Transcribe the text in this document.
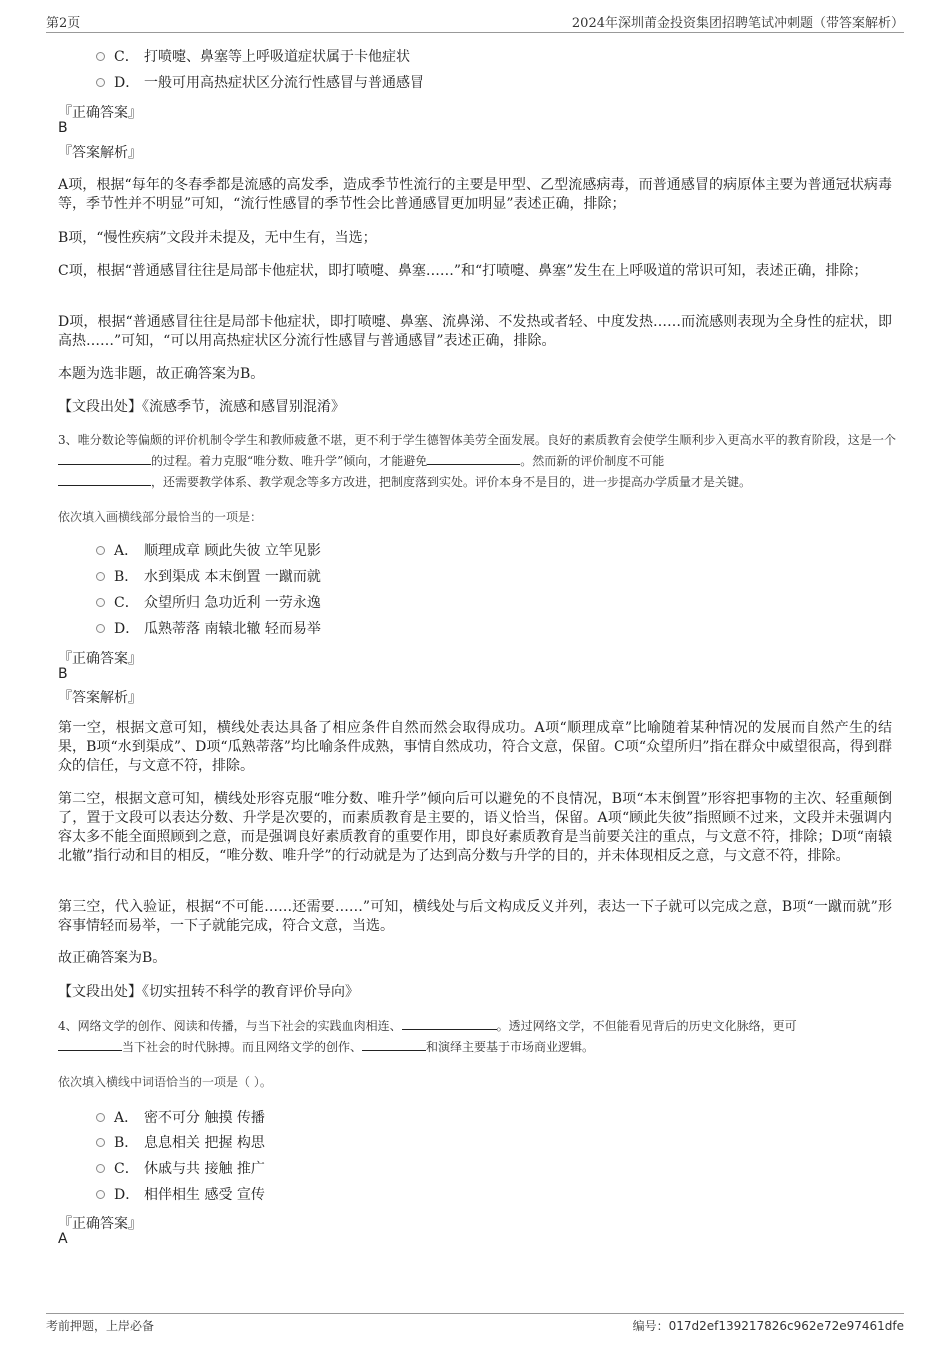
第2页	2024年深圳莆金投资集团招聘笔试冲刺题（带答案解析）
C． 打喷嚏、鼻塞等上呼吸道症状属于卡他症状
D． 一般可用高热症状区分流行性感冒与普通感冒
『正确答案』
B
『答案解析』
A项，根据“每年的冬春季都是流感的高发季，造成季节性流行的主要是甲型、乙型流感病毒，而普通感冒的病原体主要为普通冠状病毒等，季节性并不明显”可知，“流行性感冒的季节性会比普通感冒更加明显”表述正确，排除；
B项，“慢性疾病”文段并未提及，无中生有，当选；
C项，根据“普通感冒往往是局部卡他症状，即打喷嚏、鼻塞……”和“打喷嚏、鼻塞”发生在上呼吸道的常识可知，表述正确，排除；
D项，根据“普通感冒往往是局部卡他症状，即打喷嚏、鼻塞、流鼻涕、不发热或者轻、中度发热……而流感则表现为全身性的症状，即高热……”可知，“可以用高热症状区分流行性感冒与普通感冒”表述正确，排除。
本题为选非题，故正确答案为B。
【文段出处】《流感季节，流感和感冒别混淆》
3、唯分数论等偏颇的评价机制令学生和教师疲惫不堪，更不利于学生德智体美劳全面发展。良好的素质教育会使学生顺利步入更高水平的教育阶段，这是一个的过程。着力克服“唯分数、唯升学”倾向，才能避免	。然而新的评价制度不可能
，还需要教学体系、教学观念等多方改进，把制度落到实处。评价本身不是目的，进一步提高办学质量才是关键。
依次填入画横线部分最恰当的一项是：
A． 顺理成章 顾此失彼 立竿见影
B． 水到渠成 本末倒置 一蹴而就
C． 众望所归 急功近利 一劳永逸
D． 瓜熟蒂落 南辕北辙 轻而易举
『正确答案』
B
『答案解析』
第一空，根据文意可知，横线处表达具备了相应条件自然而然会取得成功。A项“顺理成章”比喻随着某种情况的发展而自然产生的结果，B项“水到渠成”、D项“瓜熟蒂落”均比喻条件成熟，事情自然成功，符合文意，保留。C项“众望所归”指在群众中威望很高，得到群众的信任，与文意不符，排除。
第二空，根据文意可知，横线处形容克服“唯分数、唯升学”倾向后可以避免的不良情况，B项“本末倒置”形容把事物的主次、轻重颠倒了，置于文段可以表达分数、升学是次要的，而素质教育是主要的，语义恰当，保留。A项“顾此失彼”指照顾不过来，文段并未强调内容太多不能全面照顾到之意，而是强调良好素质教育的重要作用，即良好素质教育是当前要关注的重点，与文意不符，排除；D项“南辕北辙”指行动和目的相反，“唯分数、唯升学”的行动就是为了达到高分数与升学的目的，并未体现相反之意，与文意不符，排除。
第三空，代入验证，根据“不可能……还需要……”可知，横线处与后文构成反义并列，表达一下子就可以完成之意，B项“一蹴而就”形容事情轻而易举，一下子就能完成，符合文意，当选。
故正确答案为B。
【文段出处】《切实扭转不科学的教育评价导向》
4、网络文学的创作、阅读和传播，与当下社会的实践血肉相连、	。透过网络文学，不但能看见背后的历史文化脉络，更可
当下社会的时代脉搏。而且网络文学的创作、	和演绎主要基于市场商业逻辑。
依次填入横线中词语恰当的一项是（ ）。
A． 密不可分 触摸 传播
B． 息息相关 把握 构思
C． 休戚与共 接触 推广
D． 相伴相生 感受 宣传
『正确答案』
A
考前押题，上岸必备	编号：017d2ef139217826c962e72e97461dfe
